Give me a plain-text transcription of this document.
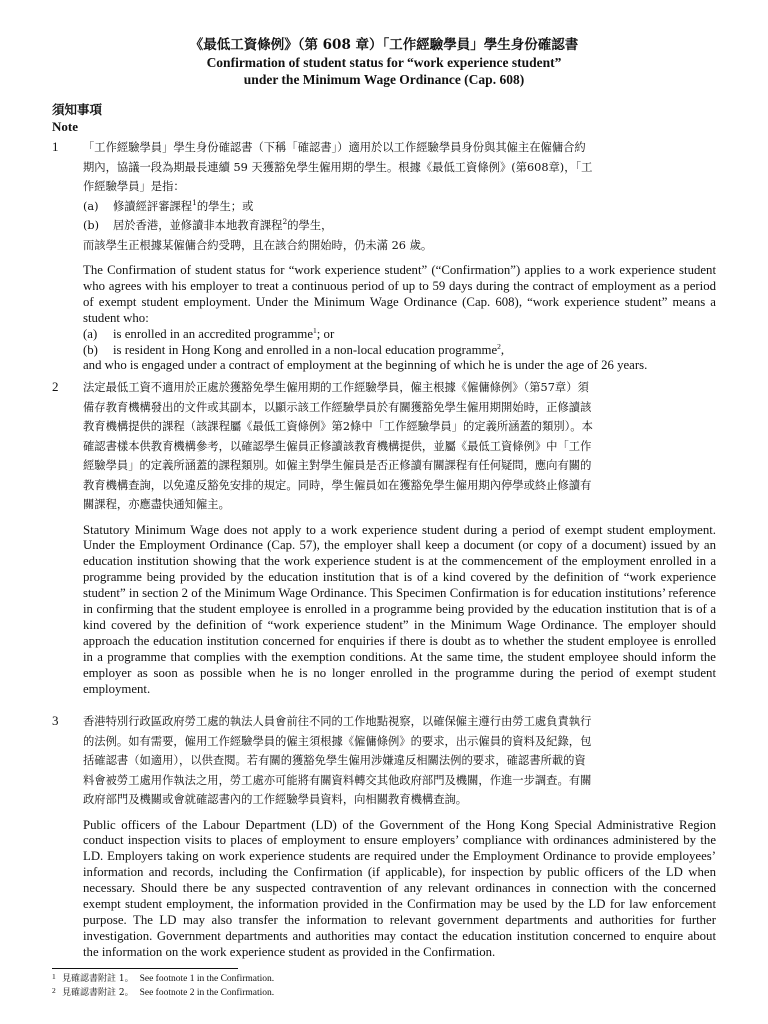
《最低工資條例》（第 608 章）「工作經驗學員」學生身份確認書

Confirmation of student status for “work experience student”

under the Minimum Wage Ordinance (Cap. 608)

須知事項

Note

1	「工作經驗學員」學生身份確認書（下稱「確認書」）適用於以工作經驗學員身份與其僱主在僱傭合約

期內，協議一段為期最長連續 59 天獲豁免學生僱用期的學生。根據《最低工資條例》(第608章)，「工

作經驗學員」是指：

(a)	修讀經評審課程$^1$的學生；或
(b)	居於香港，並修讀非本地教育課程$^2$的學生，

而該學生正根據某僱傭合約受聘，且在該合約開始時，仍未滿 26 歲。

The Confirmation of student status for “work experience student” (“Confirmation”) applies to a work experience student who agrees with his employer to treat a continuous period of up to 59 days during the contract of employment as a period of exempt student employment. Under the Minimum Wage Ordinance (Cap. 608), “work experience student” means a student who:

(a)	is enrolled in an accredited programme$^1$; or
(b)	is resident in Hong Kong and enrolled in a non-local education programme$^2$,

and who is engaged under a contract of employment at the beginning of which he is under the age of 26 years.

2	法定最低工資不適用於正處於獲豁免學生僱用期的工作經驗學員，僱主根據《僱傭條例》（第57章）須

備存教育機構發出的文件或其副本，以顯示該工作經驗學員於有關獲豁免學生僱用期開始時，正修讀該

教育機構提供的課程（該課程屬《最低工資條例》第2條中「工作經驗學員」的定義所涵蓋的類別）。本

確認書樣本供教育機構參考，以確認學生僱員正修讀該教育機構提供，並屬《最低工資條例》中「工作

經驗學員」的定義所涵蓋的課程類別。如僱主對學生僱員是否正修讀有關課程有任何疑問，應向有關的

教育機構查詢，以免違反豁免安排的規定。同時，學生僱員如在獲豁免學生僱用期內停學或終止修讀有

關課程，亦應盡快通知僱主。

Statutory Minimum Wage does not apply to a work experience student during a period of exempt student employment. Under the Employment Ordinance (Cap. 57), the employer shall keep a document (or copy of a document) issued by an education institution showing that the work experience student is at the commencement of the employment enrolled in a programme being provided by the education institution that is of a kind covered by the definition of “work experience student” in section 2 of the Minimum Wage Ordinance. This Specimen Confirmation is for education institutions’ reference in confirming that the student employee is enrolled in a programme being provided by the education institution that is of a kind covered by the definition of “work experience student” in the Minimum Wage Ordinance. The employer should approach the education institution concerned for enquiries if there is doubt as to whether the student employee is enrolled in a programme that complies with the exemption conditions. At the same time, the student employee should inform the employer as soon as possible when he is no longer enrolled in the programme during the period of exempt student employment.

3	香港特別行政區政府勞工處的執法人員會前往不同的工作地點視察，以確保僱主遵行由勞工處負責執行

的法例。如有需要，僱用工作經驗學員的僱主須根據《僱傭條例》的要求，出示僱員的資料及紀錄，包

括確認書（如適用），以供查閱。若有關的獲豁免學生僱用涉嫌違反相關法例的要求，確認書所載的資

料會被勞工處用作執法之用，勞工處亦可能將有關資料轉交其他政府部門及機關，作進一步調查。有關

政府部門及機關或會就確認書內的工作經驗學員資料，向相關教育機構查詢。

Public officers of the Labour Department (LD) of the Government of the Hong Kong Special Administrative Region conduct inspection visits to places of employment to ensure employers’ compliance with ordinances administered by the LD. Employers taking on work experience students are required under the Employment Ordinance to provide employees’ information and records, including the Confirmation (if applicable), for inspection by public officers of the LD when necessary. Should there be any suspected contravention of any relevant ordinances in connection with the concerned exempt student employment, the information provided in the Confirmation may be used by the LD for law enforcement purpose. The LD may also transfer the information to relevant government departments and authorities for further investigation. Government departments and authorities may contact the education institution concerned to enquire about the information on the work experience student as provided in the Confirmation.

1 見確認書附註 1。 See footnote 1 in the Confirmation.

2 見確認書附註 2。 See footnote 2 in the Confirmation.
